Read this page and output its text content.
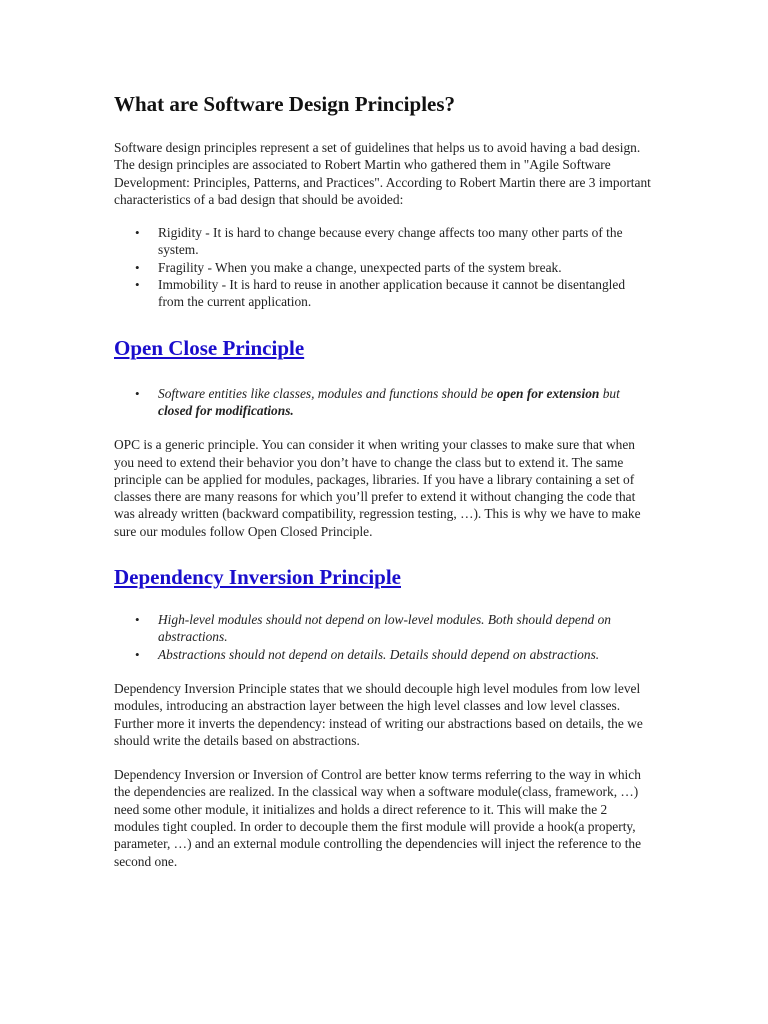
What are Software Design Principles?

Software design principles represent a set of guidelines that helps us to avoid having a bad design. The design principles are associated to Robert Martin who gathered them in "Agile Software Development: Principles, Patterns, and Practices". According to Robert Martin there are 3 important characteristics of a bad design that should be avoided:

• Rigidity - It is hard to change because every change affects too many other parts of the system.
• Fragility - When you make a change, unexpected parts of the system break.
• Immobility - It is hard to reuse in another application because it cannot be disentangled from the current application.
Open Close Principle
• Software entities like classes, modules and functions should be open for extension but closed for modifications.

OPC is a generic principle. You can consider it when writing your classes to make sure that when you need to extend their behavior you don’t have to change the class but to extend it. The same principle can be applied for modules, packages, libraries. If you have a library containing a set of classes there are many reasons for which you’ll prefer to extend it without changing the code that was already written (backward compatibility, regression testing, …). This is why we have to make sure our modules follow Open Closed Principle.

Dependency Inversion Principle
• High-level modules should not depend on low-level modules. Both should depend on abstractions.
• Abstractions should not depend on details. Details should depend on abstractions.

Dependency Inversion Principle states that we should decouple high level modules from low level modules, introducing an abstraction layer between the high level classes and low level classes. Further more it inverts the dependency: instead of writing our abstractions based on details, the we should write the details based on abstractions.

Dependency Inversion or Inversion of Control are better know terms referring to the way in which the dependencies are realized. In the classical way when a software module(class, framework, …) need some other module, it initializes and holds a direct reference to it. This will make the 2 modules tight coupled. In order to decouple them the first module will provide a hook(a property, parameter, …) and an external module controlling the dependencies will inject the reference to the second one.
